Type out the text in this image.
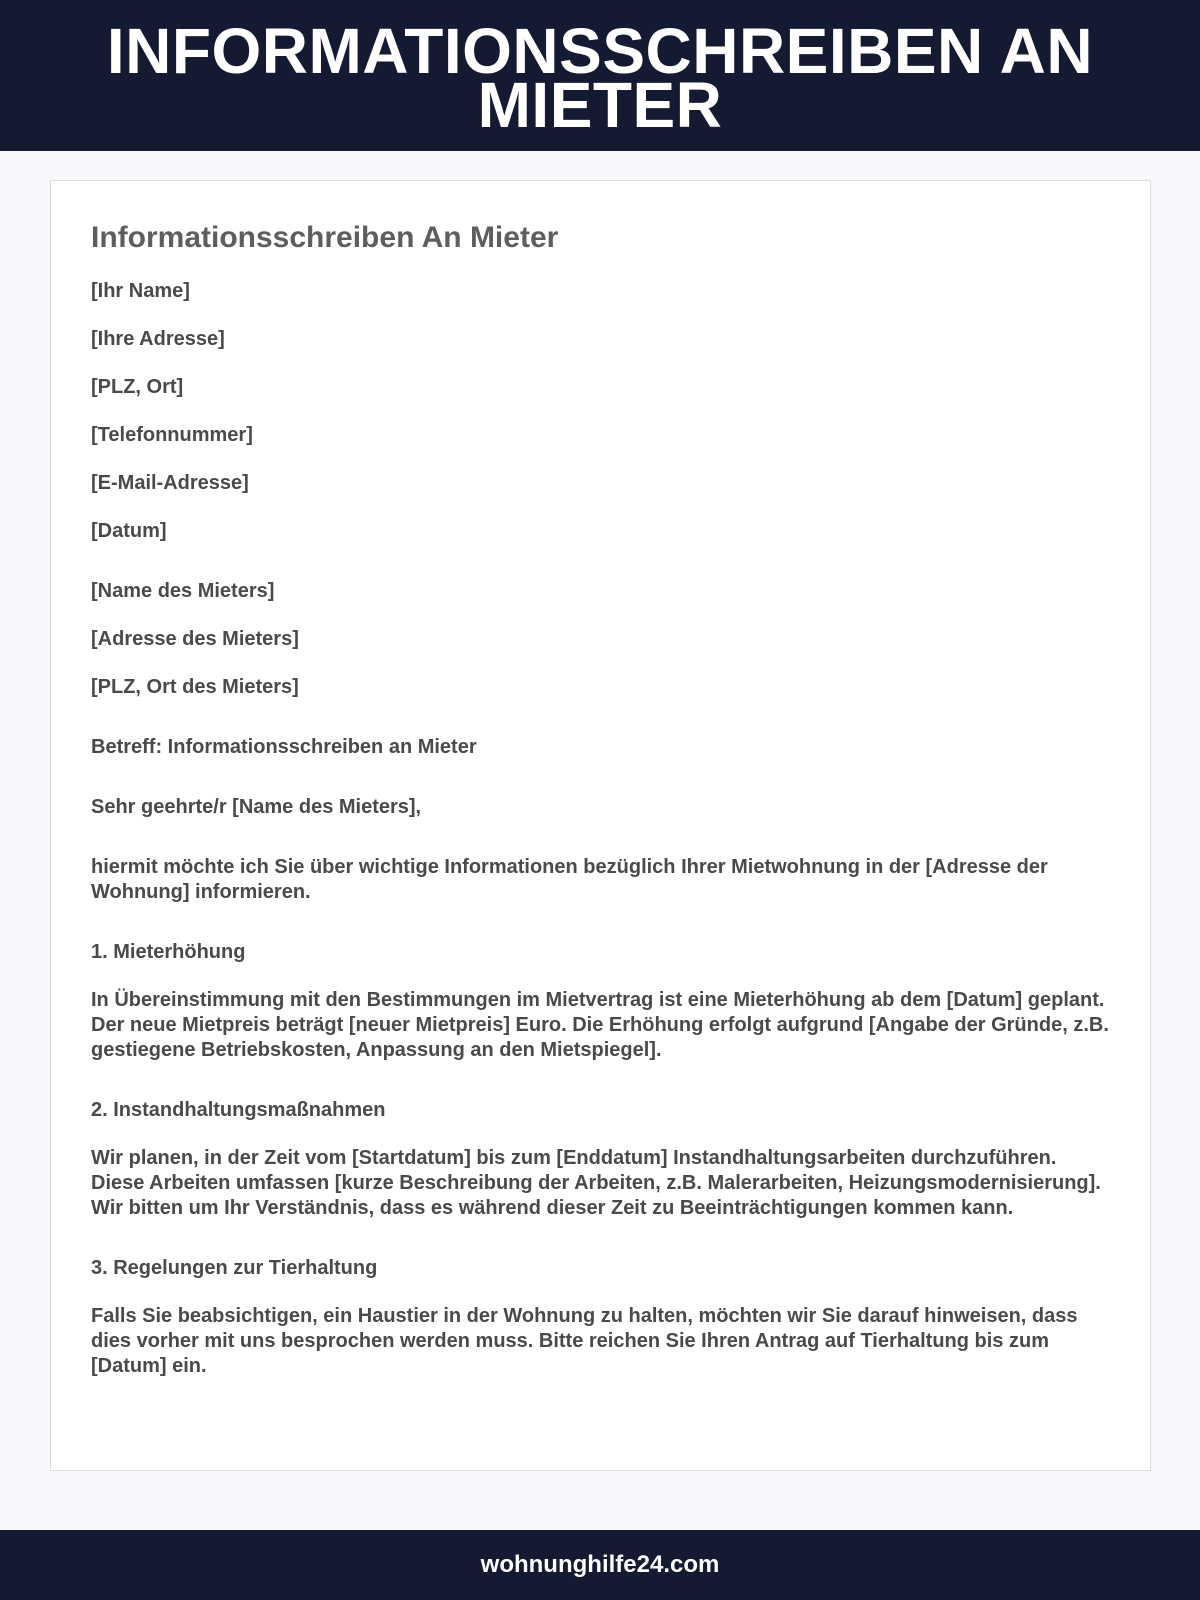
INFORMATIONSSCHREIBEN AN MIETER
Informationsschreiben An Mieter
[Ihr Name]
[Ihre Adresse]
[PLZ, Ort]
[Telefonnummer]
[E-Mail-Adresse]
[Datum]
[Name des Mieters]
[Adresse des Mieters]
[PLZ, Ort des Mieters]
Betreff: Informationsschreiben an Mieter
Sehr geehrte/r [Name des Mieters],

hiermit möchte ich Sie über wichtige Informationen bezüglich Ihrer Mietwohnung in der [Adresse der Wohnung] informieren.

1. Mieterhöhung

In Übereinstimmung mit den Bestimmungen im Mietvertrag ist eine Mieterhöhung ab dem [Datum] geplant. Der neue Mietpreis beträgt [neuer Mietpreis] Euro. Die Erhöhung erfolgt aufgrund [Angabe der Gründe, z.B. gestiegene Betriebskosten, Anpassung an den Mietspiegel].

2. Instandhaltungsmaßnahmen

Wir planen, in der Zeit vom [Startdatum] bis zum [Enddatum] Instandhaltungsarbeiten durchzuführen. Diese Arbeiten umfassen [kurze Beschreibung der Arbeiten, z.B. Malerarbeiten, Heizungsmodernisierung]. Wir bitten um Ihr Verständnis, dass es während dieser Zeit zu Beeinträchtigungen kommen kann.

3. Regelungen zur Tierhaltung

Falls Sie beabsichtigen, ein Haustier in der Wohnung zu halten, möchten wir Sie darauf hinweisen, dass dies vorher mit uns besprochen werden muss. Bitte reichen Sie Ihren Antrag auf Tierhaltung bis zum [Datum] ein.

wohnunghilfe24.com
